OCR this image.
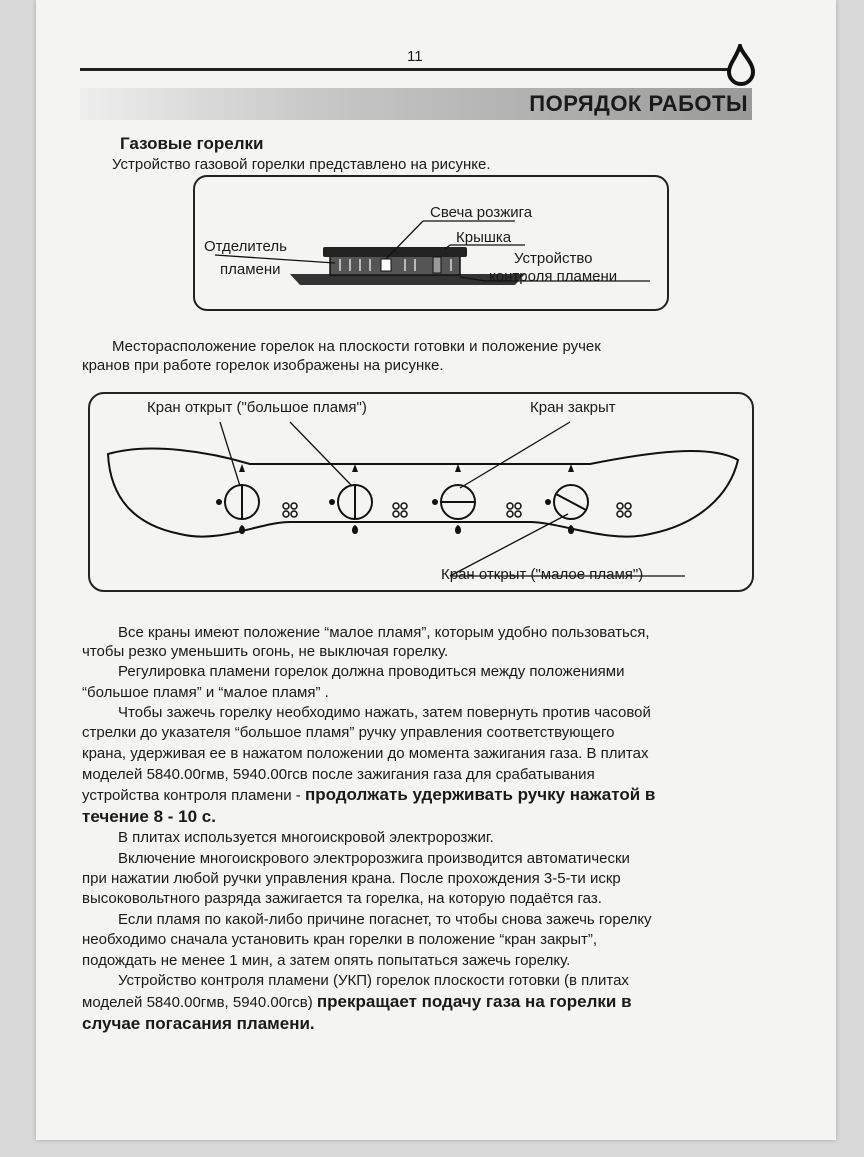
11
ПОРЯДОК РАБОТЫ
Газовые горелки
Устройство газовой горелки представлено на рисунке.
Свеча розжига
Крышка
Отделитель
пламени
Устройство
контроля пламени
Месторасположение горелок на плоскости готовки и положение ручек
кранов при работе горелок изображены на рисунке.
Кран открыт ("большое пламя")	Кран закрыт
Кран открыт ("малое пламя")
Все краны имеют положение “малое пламя”, которым удобно пользоваться,
чтобы резко уменьшить огонь, не выключая горелку.
Регулировка пламени горелок должна проводиться между положениями
“большое пламя” и “малое пламя” .
Чтобы зажечь горелку необходимо нажать, затем повернуть против часовой
стрелки до указателя “большое пламя” ручку управления соответствующего
крана, удерживая ее в нажатом положении до момента зажигания газа. В плитах
моделей 5840.00гмв, 5940.00гсв после зажигания газа для срабатывания
устройства контроля пламени - продолжать удерживать ручку нажатой в
течение 8 - 10 с.
В плитах используется многоискровой электророзжиг.
Включение многоискрового электророзжига производится автоматически
при нажатии любой ручки управления крана. После прохождения 3-5-ти искр
высоковольтного разряда зажигается та горелка, на которую подаётся газ.
Если пламя по какой-либо причине погаснет, то чтобы снова зажечь горелку
необходимо сначала установить кран горелки в положение “кран закрыт”,
подождать не менее 1 мин, а затем опять попытаться зажечь горелку.
Устройство контроля пламени (УКП) горелок плоскости готовки (в плитах
моделей 5840.00гмв, 5940.00гсв) прекращает подачу газа на горелки в
случае погасания пламени.
